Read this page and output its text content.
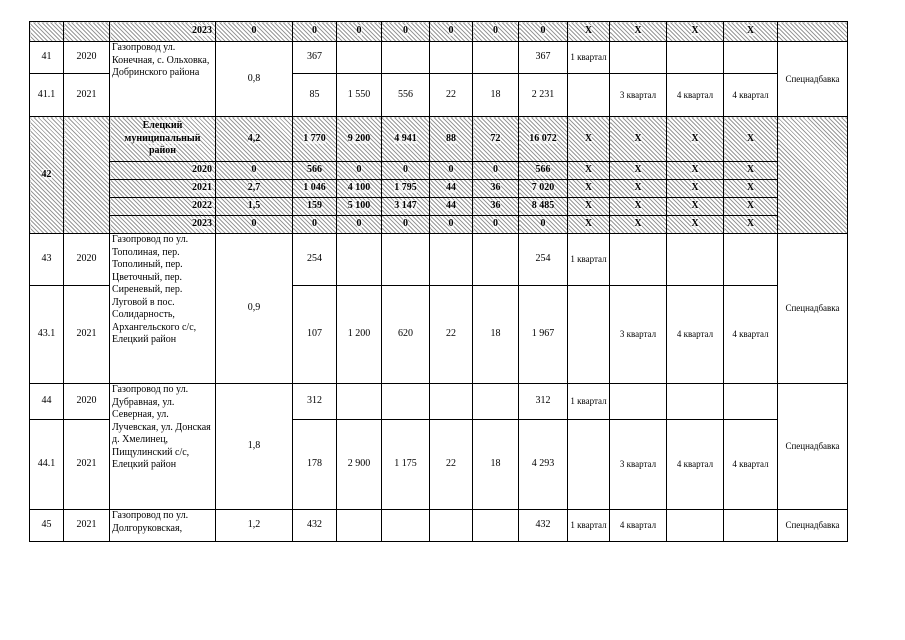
		2023	0	0	0	0	0	0	0	X	X	X	X	
41	2020	Газопровод ул. Конечная, с. Ольховка, Добринского района	0,8	367					367	1 квартал				Спецнадбавка
41.1	2021			85	1 550	556	22	18	2 231		3 квартал	4 квартал	4 квартал	
42		Елецкий муниципальный район	4,2	1 770	9 200	4 941	88	72	16 072	X	X	X	X	
		2020	0	566	0	0	0	0	566	X	X	X	X	
		2021	2,7	1 046	4 100	1 795	44	36	7 020	X	X	X	X	
		2022	1,5	159	5 100	3 147	44	36	8 485	X	X	X	X	
		2023	0	0	0	0	0	0	0	X	X	X	X	
43	2020	Газопровод по ул. Тополиная, пер. Тополиный, пер. Цветочный, пер. Сиреневый, пер. Луговой в пос. Солидарность, Архангельского с/с, Елецкий район	0,9	254					254	1 квартал				Спецнадбавка
43.1	2021			107	1 200	620	22	18	1 967		3 квартал	4 квартал	4 квартал	
44	2020	Газопровод по ул. Дубравная, ул. Северная, ул. Лучевская, ул. Донская д. Хмелинец, Пищулинский с/с, Елецкий район	1,8	312					312	1 квартал				Спецнадбавка
44.1	2021			178	2 900	1 175	22	18	4 293		3 квартал	4 квартал	4 квартал	
45	2021	Газопровод по ул. Долгоруковская,	1,2	432					432	1 квартал	4 квартал			Спецнадбавка
